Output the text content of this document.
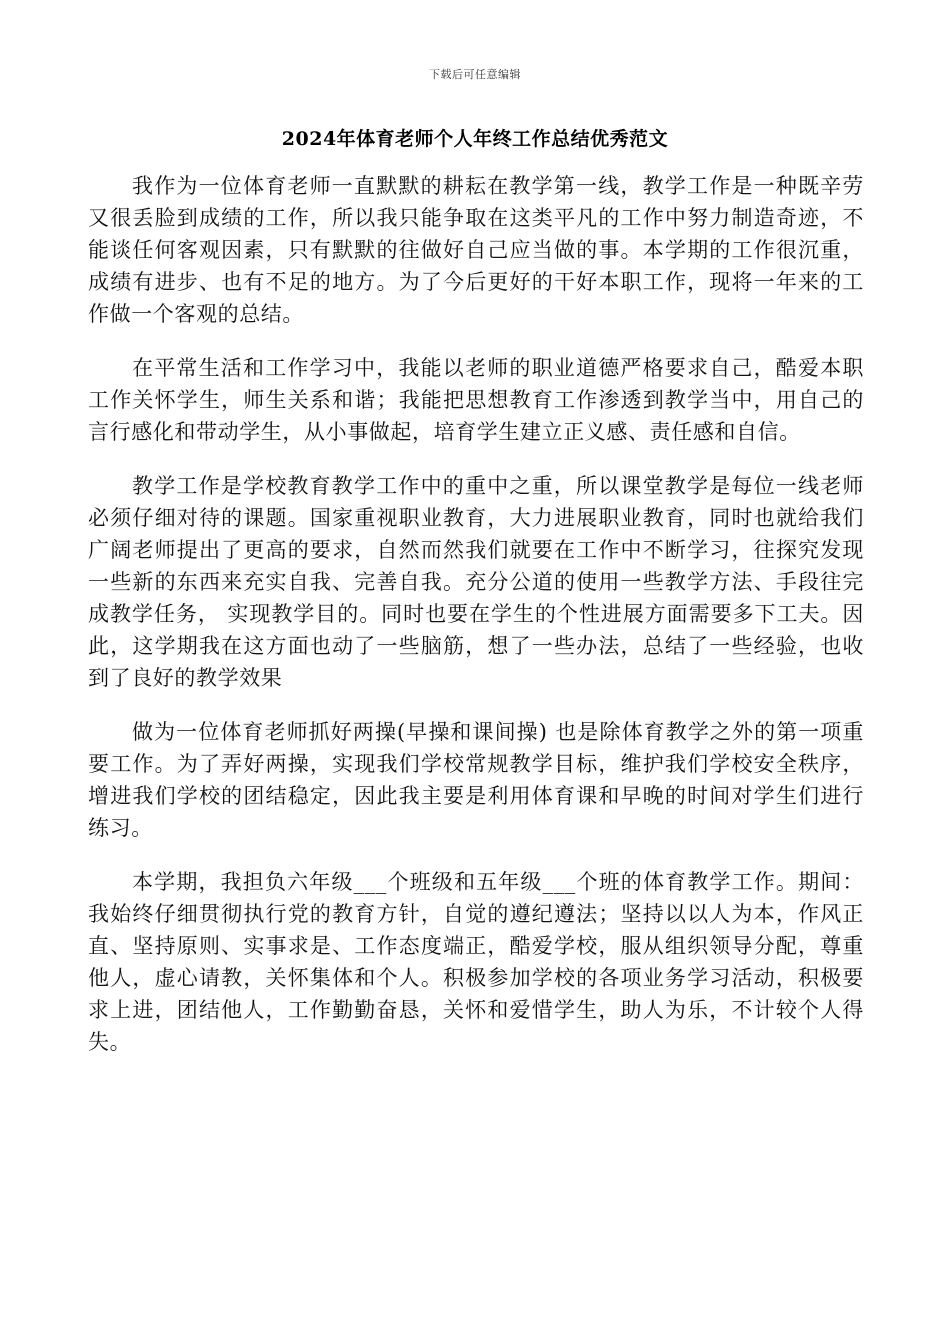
下载后可任意编辑
2024年体育老师个人年终工作总结优秀范文

我作为一位体育老师一直默默的耕耘在教学第一线，教学工作是一种既辛劳又很丢脸到成绩的工作，所以我只能争取在这类平凡的工作中努力制造奇迹，不能谈任何客观因素，只有默默的往做好自己应当做的事。本学期的工作很沉重，成绩有进步、也有不足的地方。为了今后更好的干好本职工作，现将一年来的工作做一个客观的总结。

在平常生活和工作学习中，我能以老师的职业道德严格要求自己，酷爱本职工作关怀学生，师生关系和谐；我能把思想教育工作渗透到教学当中，用自己的言行感化和带动学生，从小事做起，培育学生建立正义感、责任感和自信。

教学工作是学校教育教学工作中的重中之重，所以课堂教学是每位一线老师必须仔细对待的课题。国家重视职业教育，大力进展职业教育，同时也就给我们广阔老师提出了更高的要求，自然而然我们就要在工作中不断学习，往探究发现一些新的东西来充实自我、完善自我。充分公道的使用一些教学方法、手段往完成教学任务， 实现教学目的。同时也要在学生的个性进展方面需要多下工夫。因此，这学期我在这方面也动了一些脑筋，想了一些办法，总结了一些经验，也收到了良好的教学效果

做为一位体育老师抓好两操(早操和课间操) 也是除体育教学之外的第一项重要工作。为了弄好两操，实现我们学校常规教学目标，维护我们学校安全秩序，增进我们学校的团结稳定，因此我主要是利用体育课和早晚的时间对学生们进行练习。

本学期，我担负六年级___个班级和五年级___个班的体育教学工作。期间：我始终仔细贯彻执行党的教育方针，自觉的遵纪遵法；坚持以以人为本，作风正直、坚持原则、实事求是、工作态度端正，酷爱学校，服从组织领导分配，尊重他人，虚心请教，关怀集体和个人。积极参加学校的各项业务学习活动，积极要求上进，团结他人，工作勤勤奋恳，关怀和爱惜学生，助人为乐，不计较个人得失。
